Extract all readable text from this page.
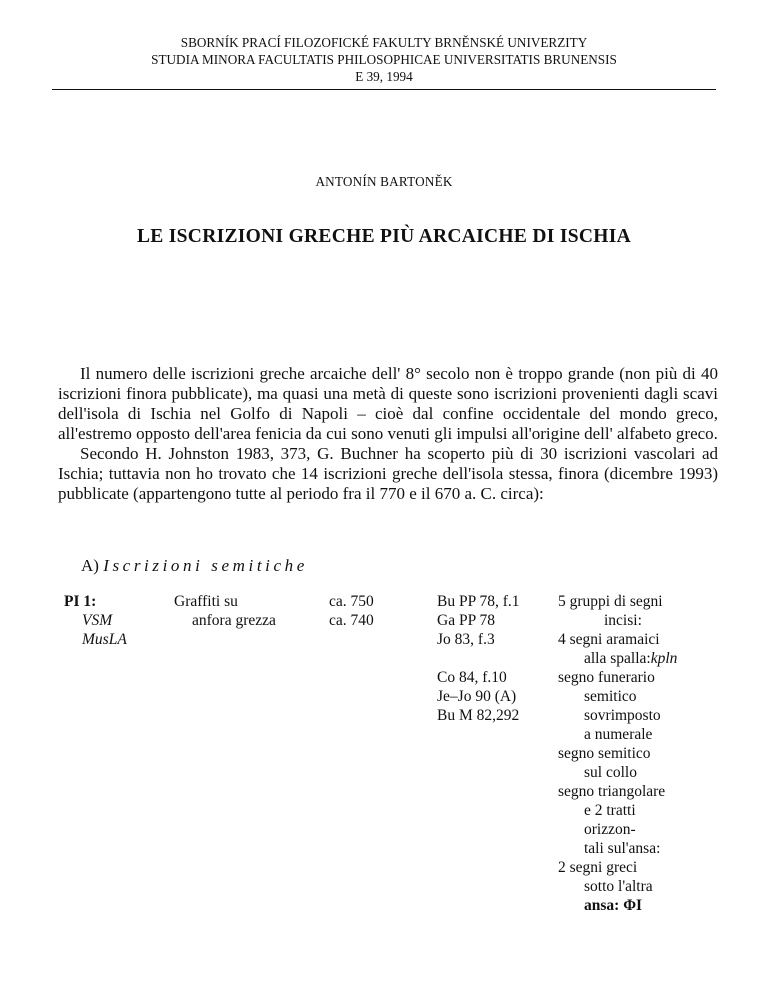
SBORNÍK PRACÍ FILOZOFICKÉ FAKULTY BRNĚNSKÉ UNIVERZITY
STUDIA MINORA FACULTATIS PHILOSOPHICAE UNIVERSITATIS BRUNENSIS
E 39, 1994
ANTONÍN BARTONĚK
LE ISCRIZIONI GRECHE PIÙ ARCAICHE DI ISCHIA

Il numero delle iscrizioni greche arcaiche dell' 8° secolo non è troppo grande (non più di 40 iscrizioni finora pubblicate), ma quasi una metà di queste sono iscrizioni provenienti dagli scavi dell'isola di Ischia nel Golfo di Napoli – cioè dal confine occidentale del mondo greco, all'estremo opposto dell'area fenicia da cui sono venuti gli impulsi all'origine dell' alfabeto greco.

Secondo H. Johnston 1983, 373, G. Buchner ha scoperto più di 30 iscrizioni vascolari ad Ischia; tuttavia non ho trovato che 14 iscrizioni greche dell'isola stessa, finora (dicembre 1993) pubblicate (appartengono tutte al periodo fra il 770 e il 670 a. C. circa):

A) Iscrizioni semitiche
PI 1:
VSM
MusLA
Graffiti su
anfora grezza
ca. 750
ca. 740
Bu PP 78, f.1
Ga PP 78
Jo 83, f.3
Co 84, f.10
Je–Jo 90 (A)
Bu M 82,292
5 gruppi di segni
incisi:
4 segni aramaici
alla spalla:kpln
segno funerario
semitico
sovrimposto
a numerale
segno semitico
sul collo
segno triangolare
e 2 tratti
orizzon-
tali sul'ansa:
2 segni greci
sotto l'altra
ansa: ΦΙ
